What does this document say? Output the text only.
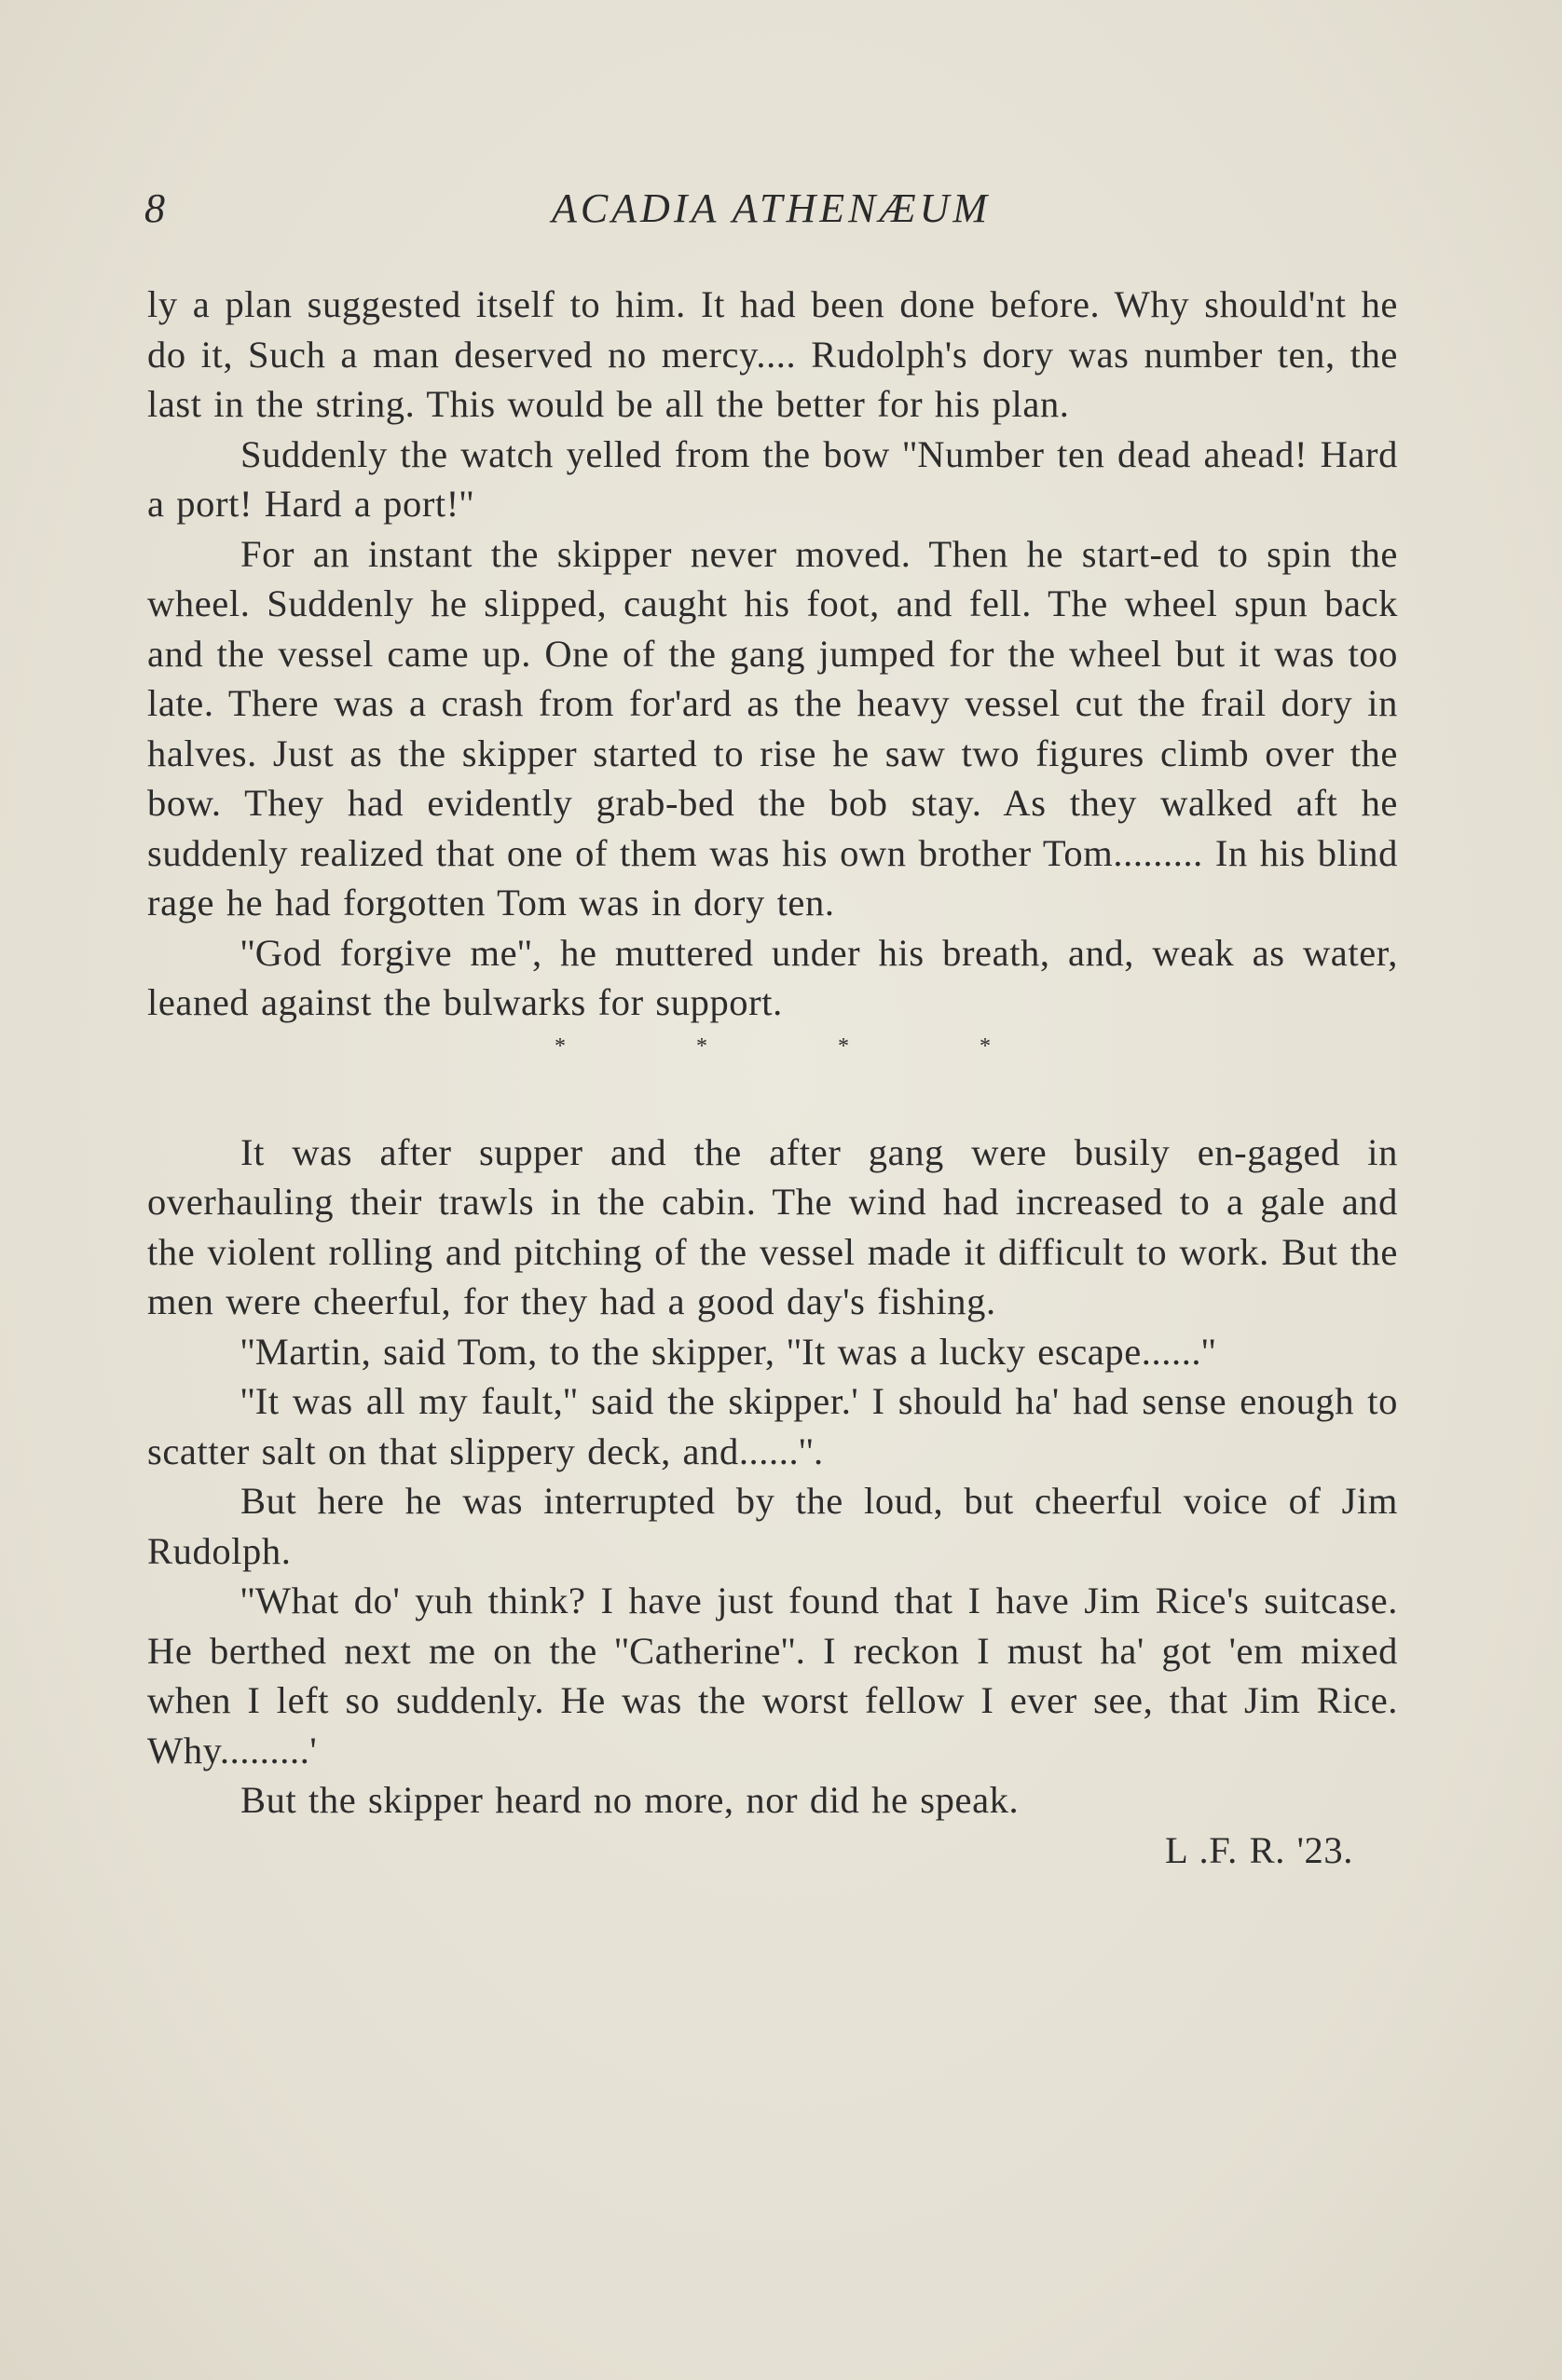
8	ACADIA ATHENÆUM

ly a plan suggested itself to him. It had been done before. Why should'nt he do it, Such a man deserved no mercy.... Rudolph's dory was number ten, the last in the string. This would be all the better for his plan.

Suddenly the watch yelled from the bow ''Number ten dead ahead! Hard a port! Hard a port!''

For an instant the skipper never moved. Then he start-ed to spin the wheel. Suddenly he slipped, caught his foot, and fell. The wheel spun back and the vessel came up. One of the gang jumped for the wheel but it was too late. There was a crash from for'ard as the heavy vessel cut the frail dory in halves. Just as the skipper started to rise he saw two figures climb over the bow. They had evidently grab-bed the bob stay. As they walked aft he suddenly realized that one of them was his own brother Tom......... In his blind rage he had forgotten Tom was in dory ten.

''God forgive me'', he muttered under his breath, and, weak as water, leaned against the bulwarks for support.

*	*	*	*

It was after supper and the after gang were busily en-gaged in overhauling their trawls in the cabin. The wind had increased to a gale and the violent rolling and pitching of the vessel made it difficult to work. But the men were cheerful, for they had a good day's fishing.

''Martin, said Tom, to the skipper, ''It was a lucky escape......''

''It was all my fault,'' said the skipper.' I should ha' had sense enough to scatter salt on that slippery deck, and......''.

But here he was interrupted by the loud, but cheerful voice of Jim Rudolph.

''What do' yuh think? I have just found that I have Jim Rice's suitcase. He berthed next me on the ''Catherine''. I reckon I must ha' got 'em mixed when I left so suddenly. He was the worst fellow I ever see, that Jim Rice. Why.........'

But the skipper heard no more, nor did he speak.

L .F. R. '23.
